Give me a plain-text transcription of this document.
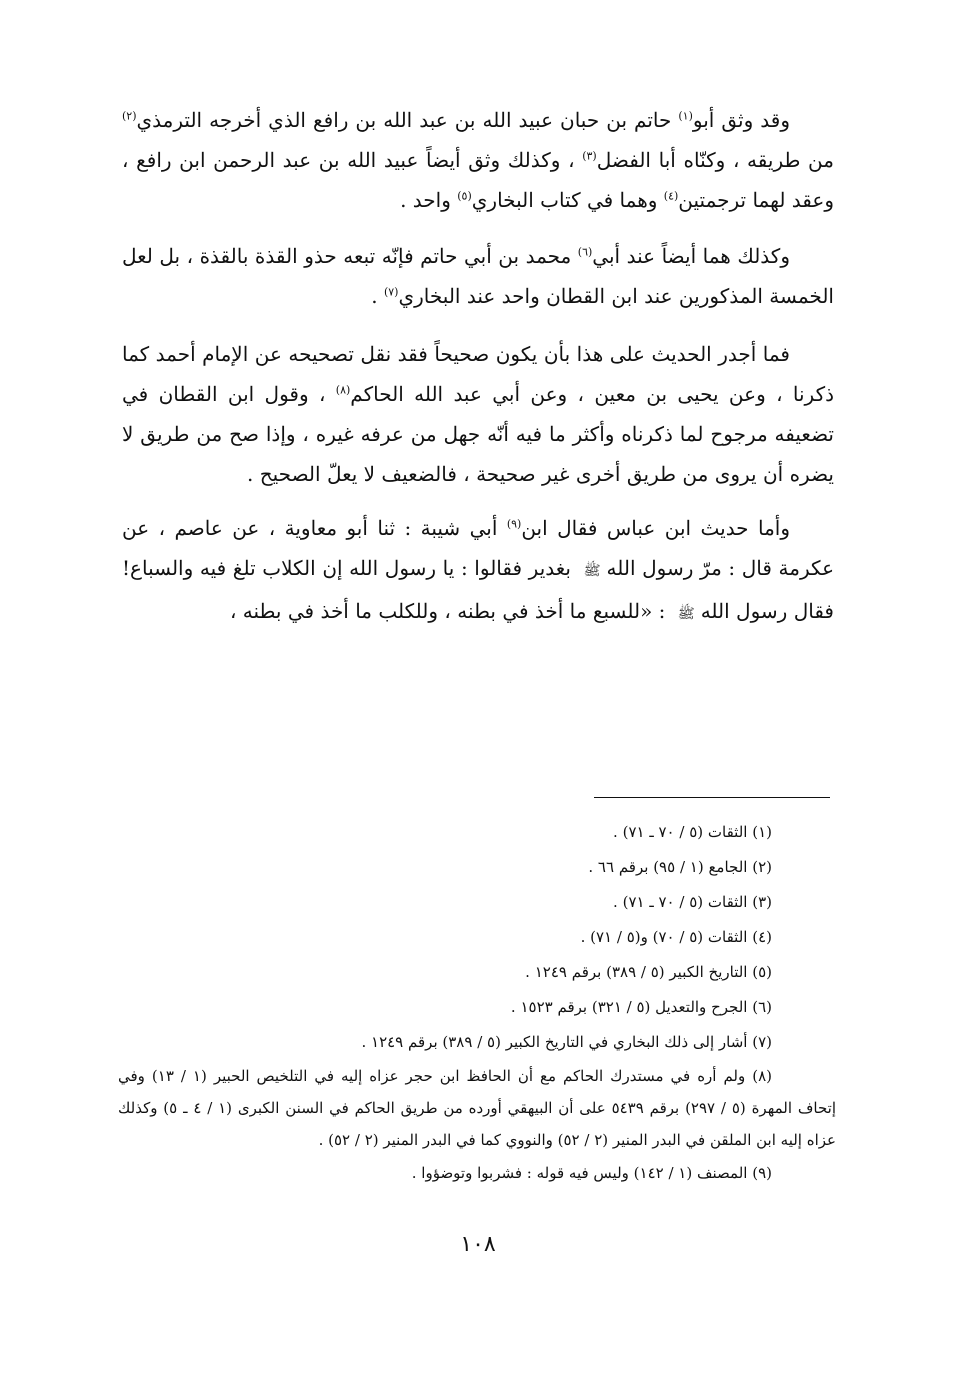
وقد وثق أبو$^{(١)}$ حاتم بن حبان عبيد الله بن عبد الله بن رافع الذي أخرجه الترمذي$^{(٢)}$ من طريقه ، وكنّاه أبا الفضل$^{(٣)}$ ، وكذلك وثق أيضاً عبيد الله بن عبد الرحمن ابن رافع ، وعقد لهما ترجمتين$^{(٤)}$ وهما في كتاب البخاري$^{(٥)}$ واحد .

وكذلك هما أيضاً عند أبي$^{(٦)}$ محمد بن أبي حاتم فإنّه تبعه حذو القذة بالقذة ، بل لعل الخمسة المذكورين عند ابن القطان واحد عند البخاري$^{(٧)}$ .

فما أجدر الحديث على هذا بأن يكون صحيحاً فقد نقل تصحيحه عن الإمام أحمد كما ذكرنا ، وعن يحيى بن معين ، وعن أبي عبد الله الحاكم$^{(٨)}$ ، وقول ابن القطان في تضعيفه مرجوح لما ذكرناه وأكثر ما فيه أنّه جهل من عرفه غيره ، وإذا صح من طريق لا يضره أن يروى من طريق أخرى غير صحيحة ، فالضعيف لا يعلّ الصحيح .

وأما حديث ابن عباس فقال ابن$^{(٩)}$ أبي شيبة : ثنا أبو معاوية ، عن عاصم ، عن عكرمة قال : مرّ رسول اللهﷺ بغدير فقالوا : يا رسول الله إن الكلاب تلغ فيه والسباع! فقال رسول اللهﷺ : «للسبع ما أخذ في بطنه ، وللكلب ما أخذ في بطنه ،

(١) الثقات (٥ / ٧٠ ـ ٧١) .
(٢) الجامع (١ / ٩٥) برقم ٦٦ .
(٣) الثقات (٥ / ٧٠ ـ ٧١) .
(٤) الثقات (٥ / ٧٠) و(٥ / ٧١) .
(٥) التاريخ الكبير (٥ / ٣٨٩) برقم ١٢٤٩ .
(٦) الجرح والتعديل (٥ / ٣٢١) برقم ١٥٢٣ .
(٧) أشار إلى ذلك البخاري في التاريخ الكبير (٥ / ٣٨٩) برقم ١٢٤٩ .
(٨) ولم أره في مستدرك الحاكم مع أن الحافظ ابن حجر عزاه إليه في التلخيص الحبير (١ / ١٣) وفي إتحاف المهرة (٥ / ٢٩٧) برقم ٥٤٣٩ على أن البيهقي أورده من طريق الحاكم في السنن الكبرى (١ / ٤ ـ ٥) وكذلك عزاه إليه ابن الملقن في البدر المنير (٢ / ٥٢) والنووي كما في البدر المنير (٢ / ٥٢) .
(٩) المصنف (١ / ١٤٢) وليس فيه قوله : فشربوا وتوضؤوا .
١٠٨
